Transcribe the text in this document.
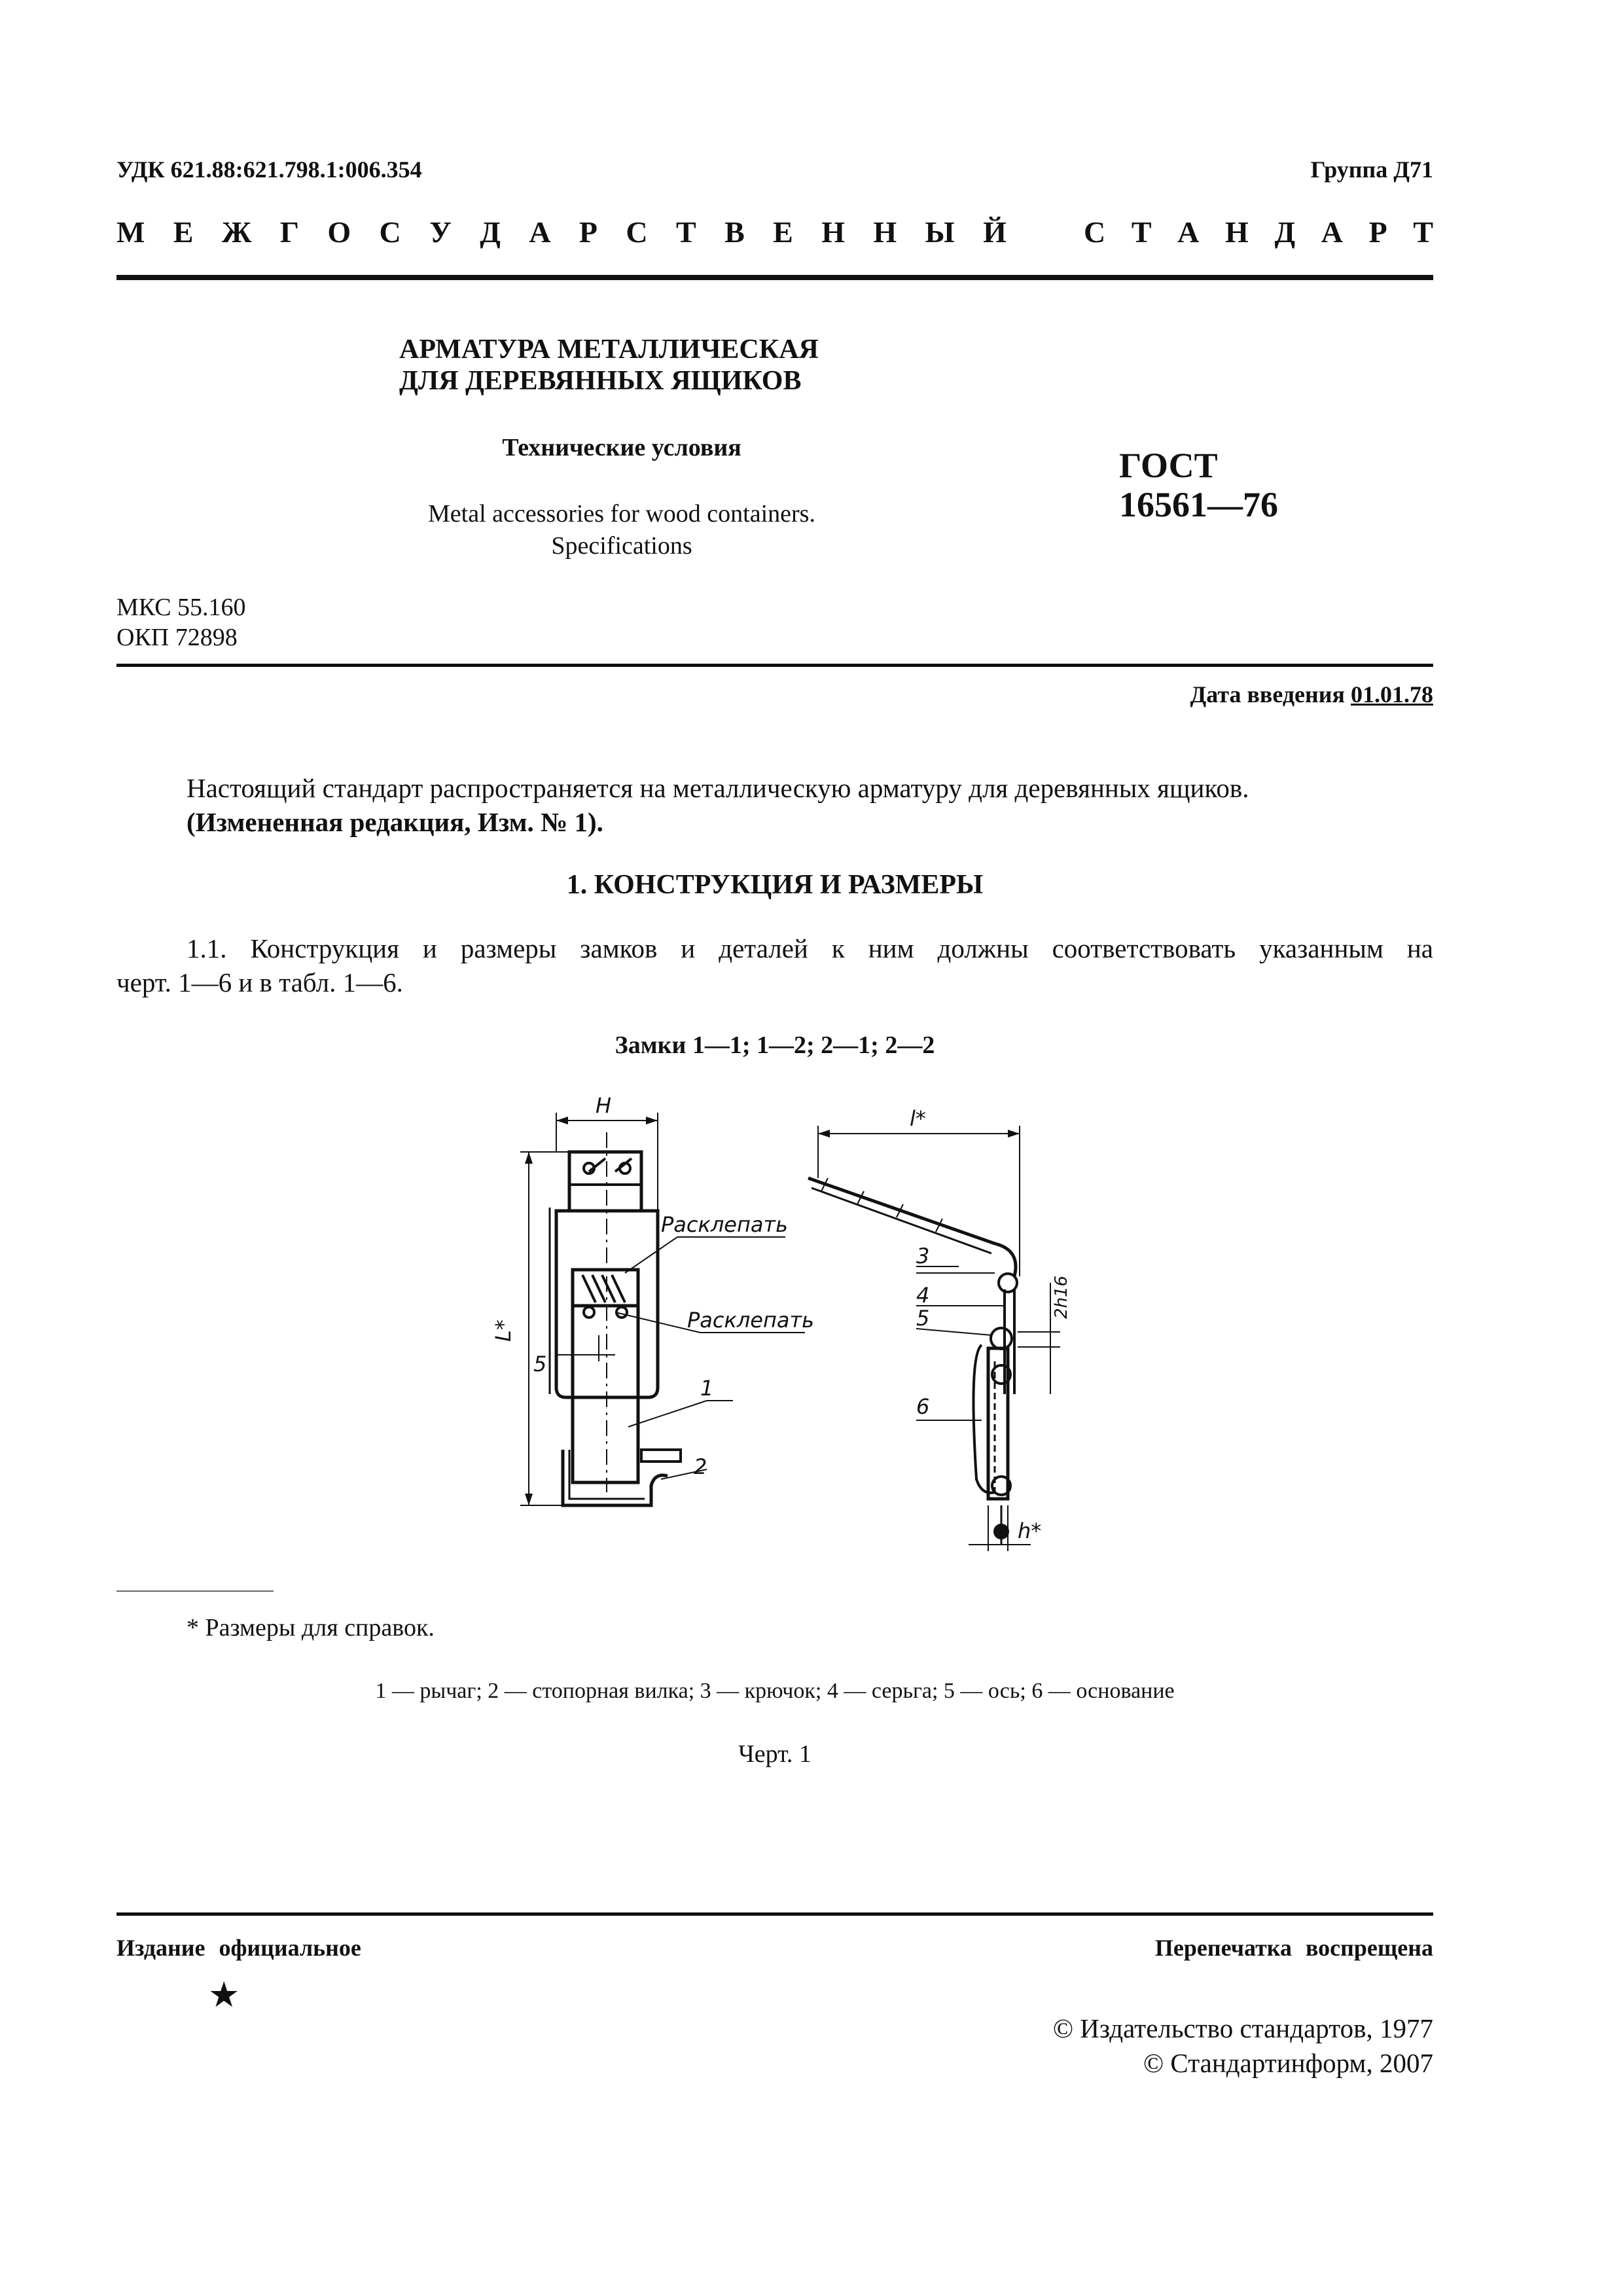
УДК 621.88:621.798.1:006.354	Группа Д71
М Е Ж Г О С У Д А Р С Т В Е Н Н Ы Й	С Т А Н Д А Р Т
АРМАТУРА МЕТАЛЛИЧЕСКАЯ
ДЛЯ ДЕРЕВЯННЫХ ЯЩИКОВ
Технические условия
Metal accessories for wood containers.
Specifications
ГОСТ
16561—76
МКС 55.160
ОКП 72898
Дата введения 01.01.78
Настоящий стандарт распространяется на металлическую арматуру для деревянных ящиков.
(Измененная редакция, Изм. № 1).
1. КОНСТРУКЦИЯ И РАЗМЕРЫ
1.1. Конструкция и размеры замков и деталей к ним должны соответствовать указанным на
черт. 1—6 и в табл. 1—6.
Замки 1—1; 1—2; 2—1; 2—2
H
L*
5
Расклепать
Расклепать
1
2
l*
3
4
5
6
2h16
h*
* Размеры для справок.
1 — рычаг; 2 — стопорная вилка; 3 — крючок; 4 — серьга; 5 — ось; 6 — основание
Черт. 1
Издание официальное	Перепечатка воспрещена
★
© Издательство стандартов, 1977
© Стандартинформ, 2007
